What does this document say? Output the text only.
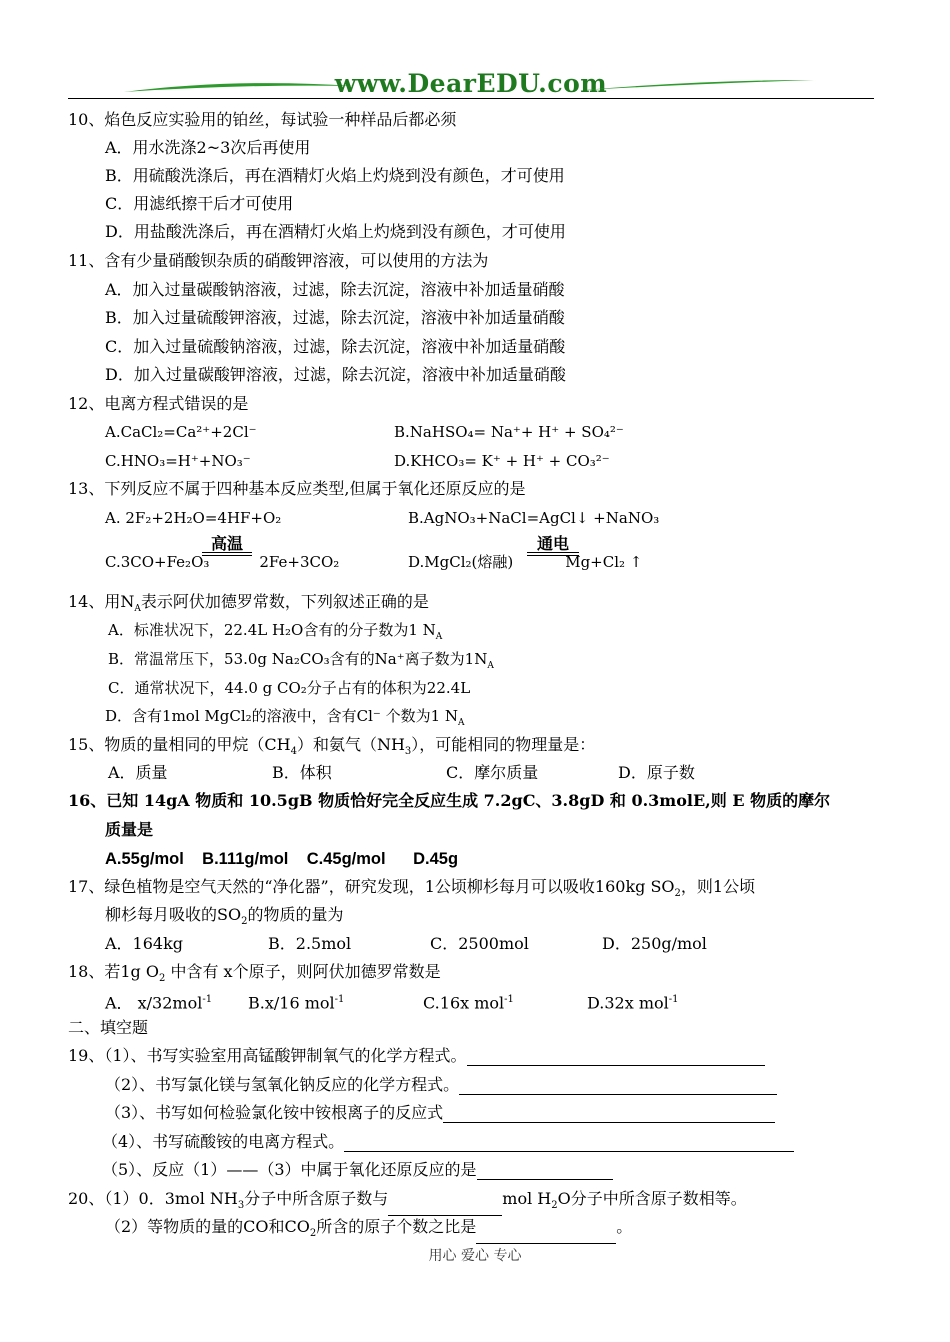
www.DearEDU.com
10、焰色反应实验用的铂丝，每试验一种样品后都必须
A．用水洗涤2~3次后再使用
B．用硫酸洗涤后，再在酒精灯火焰上灼烧到没有颜色，才可使用
C．用滤纸擦干后才可使用
D．用盐酸洗涤后，再在酒精灯火焰上灼烧到没有颜色，才可使用
11、含有少量硝酸钡杂质的硝酸钾溶液，可以使用的方法为
A．加入过量碳酸钠溶液，过滤，除去沉淀，溶液中补加适量硝酸
B．加入过量硫酸钾溶液，过滤，除去沉淀，溶液中补加适量硝酸
C．加入过量硫酸钠溶液，过滤，除去沉淀，溶液中补加适量硝酸
D．加入过量碳酸钾溶液，过滤，除去沉淀，溶液中补加适量硝酸
12、电离方程式错误的是
A.CaCl₂=Ca²⁺+2Cl⁻	B.NaHSO₄= Na⁺+ H⁺ + SO₄²⁻
C.HNO₃=H⁺+NO₃⁻	D.KHCO₃= K⁺ + H⁺ + CO₃²⁻
13、下列反应不属于四种基本反应类型,但属于氧化还原反应的是
A. 2F₂+2H₂O=4HF+O₂	B.AgNO₃+NaCl=AgCl↓ +NaNO₃
C.3CO+Fe₂O₃	2Fe+3CO₂
高温
D.MgCl₂(熔融)	Mg+Cl₂ ↑
通电
14、用$N_A$表示阿伏加德罗常数，下列叙述正确的是
A．标准状况下，22.4L H₂O含有的分子数为1 $N_A$
B．常温常压下，53.0g Na₂CO₃含有的Na⁺离子数为$1N_A$
C．通常状况下，44.0 g CO₂分子占有的体积为22.4L
D．含有1mol MgCl₂的溶液中，含有Cl⁻ 个数为1 $N_A$
15、物质的量相同的甲烷$(CH_4)$和氨气$(NH_3)$，可能相同的物理量是：
A．质量	B．体积	C．摩尔质量	D．原子数
16、已知 14gA 物质和 10.5gB 物质恰好完全反应生成 7.2gC、3.8gD 和 0.3molE,则 E 物质的摩尔
质量是
A.55g/mol    B.111g/mol    C.45g/mol      D.45g
17、绿色植物是空气天然的“净化器”，研究发现，1公顷柳杉每月可以吸收160kg $SO_2$，则1公顷
柳杉每月吸收的$SO_2$的物质的量为
A．164kg	B．2.5mol	C．2500mol	D．250g/mol
18、若1g $O_2$ 中含有 x个原子，则阿伏加德罗常数是
A． x/32mol$^{-1}$ B.x/16 mol$^{-1}$	C.16x mol$^{-1}$	D.32x mol$^{-1}$
二、填空题
19、（1）、书写实验室用高锰酸钾制氧气的化学方程式。
（2）、书写氯化镁与氢氧化钠反应的化学方程式。
（3）、书写如何检验氯化铵中铵根离子的反应式
（4）、书写硫酸铵的电离方程式。
（5）、反应（1）——（3）中属于氧化还原反应的是
20、（1）0．3mol $NH_3$分子中所含原子数与	mol $H_2O$分子中所含原子数相等。
（2）等物质的量的CO和$CO_2$所含的原子个数之比是	。
用心 爱心 专心
